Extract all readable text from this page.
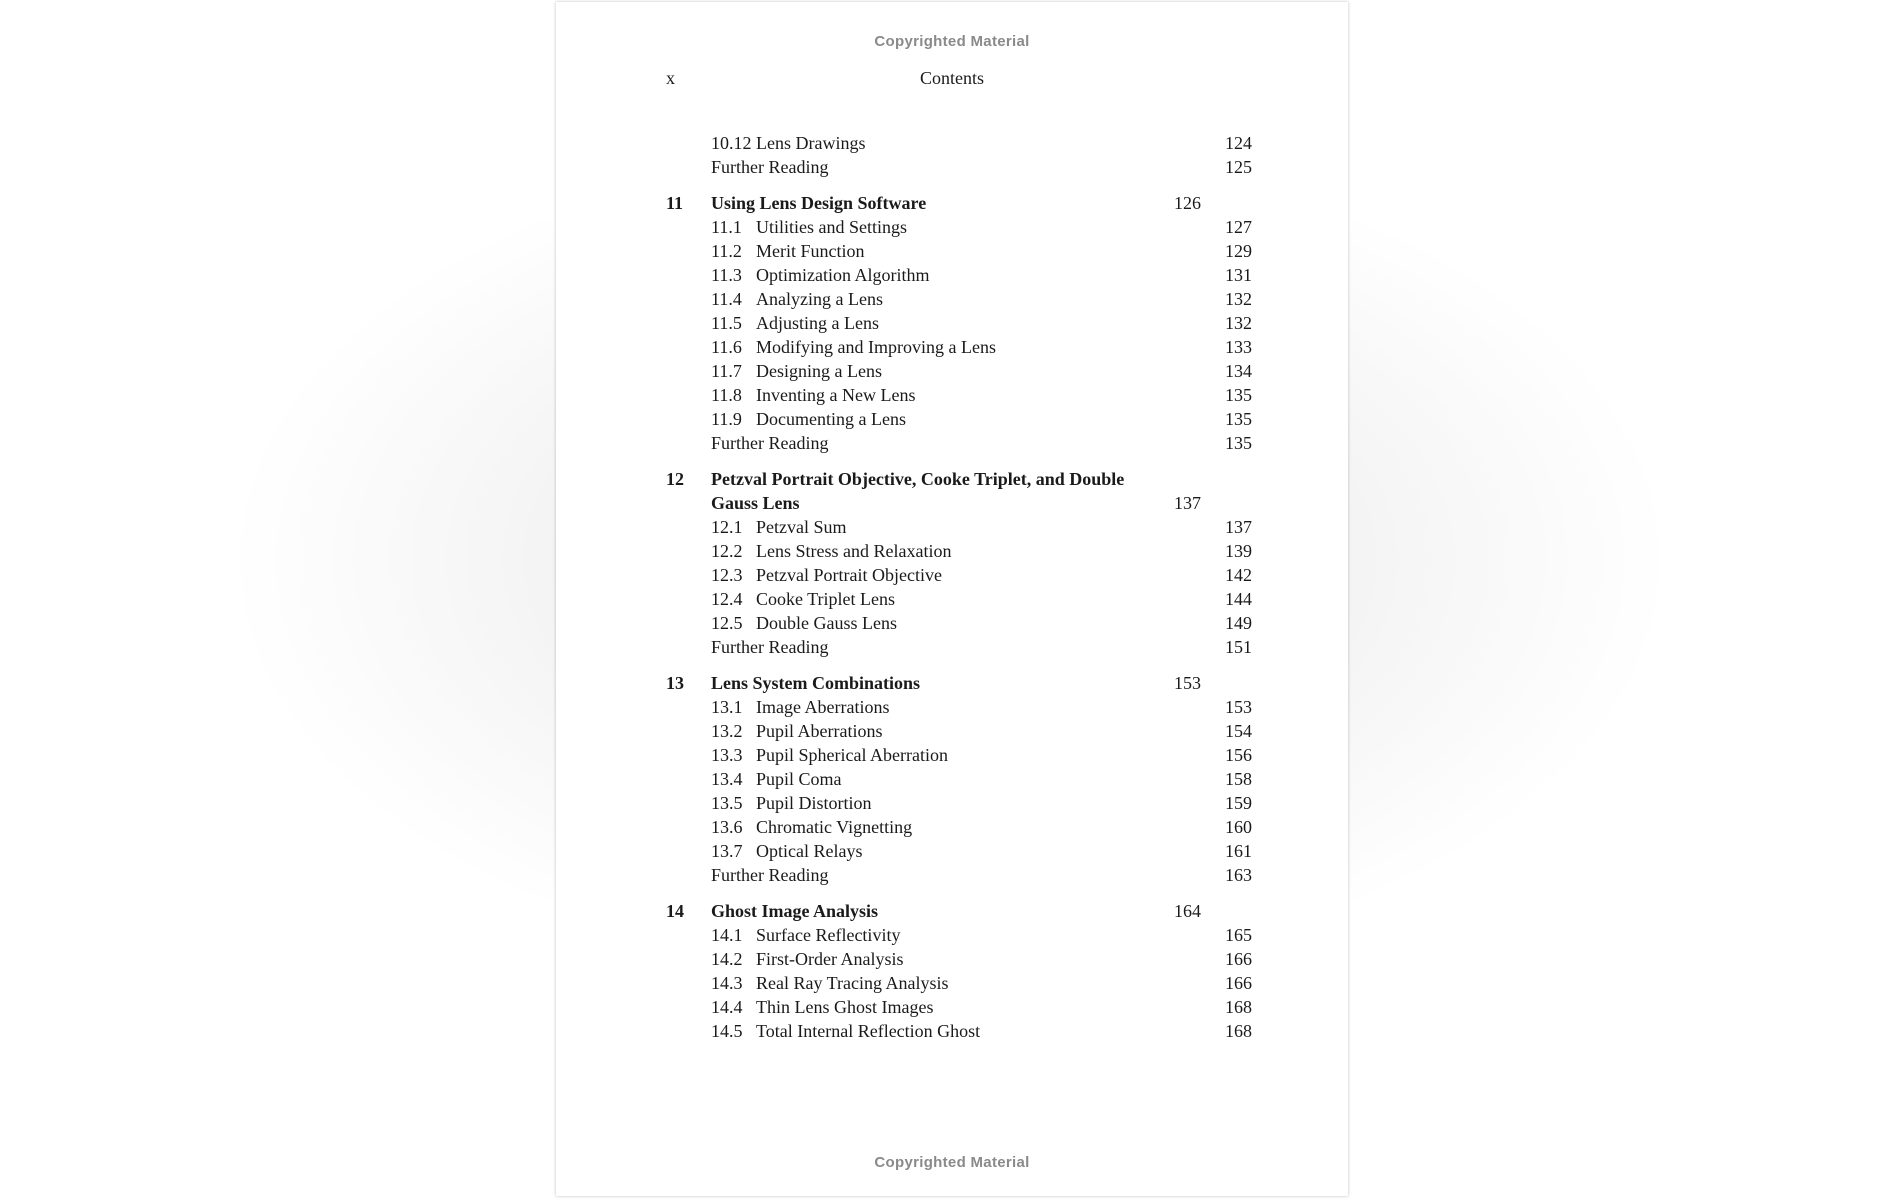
Copyrighted Material
x	Contents
10.12 Lens Drawings	124
Further Reading	125
11	Using Lens Design Software	126
11.1 Utilities and Settings	127
11.2 Merit Function	129
11.3 Optimization Algorithm	131
11.4 Analyzing a Lens	132
11.5 Adjusting a Lens	132
11.6 Modifying and Improving a Lens	133
11.7 Designing a Lens	134
11.8 Inventing a New Lens	135
11.9 Documenting a Lens	135
Further Reading	135
12	Petzval Portrait Objective, Cooke Triplet, and Double Gauss Lens	137
12.1 Petzval Sum	137
12.2 Lens Stress and Relaxation	139
12.3 Petzval Portrait Objective	142
12.4 Cooke Triplet Lens	144
12.5 Double Gauss Lens	149
Further Reading	151
13	Lens System Combinations	153
13.1 Image Aberrations	153
13.2 Pupil Aberrations	154
13.3 Pupil Spherical Aberration	156
13.4 Pupil Coma	158
13.5 Pupil Distortion	159
13.6 Chromatic Vignetting	160
13.7 Optical Relays	161
Further Reading	163
14	Ghost Image Analysis	164
14.1 Surface Reflectivity	165
14.2 First-Order Analysis	166
14.3 Real Ray Tracing Analysis	166
14.4 Thin Lens Ghost Images	168
14.5 Total Internal Reflection Ghost	168
Copyrighted Material
